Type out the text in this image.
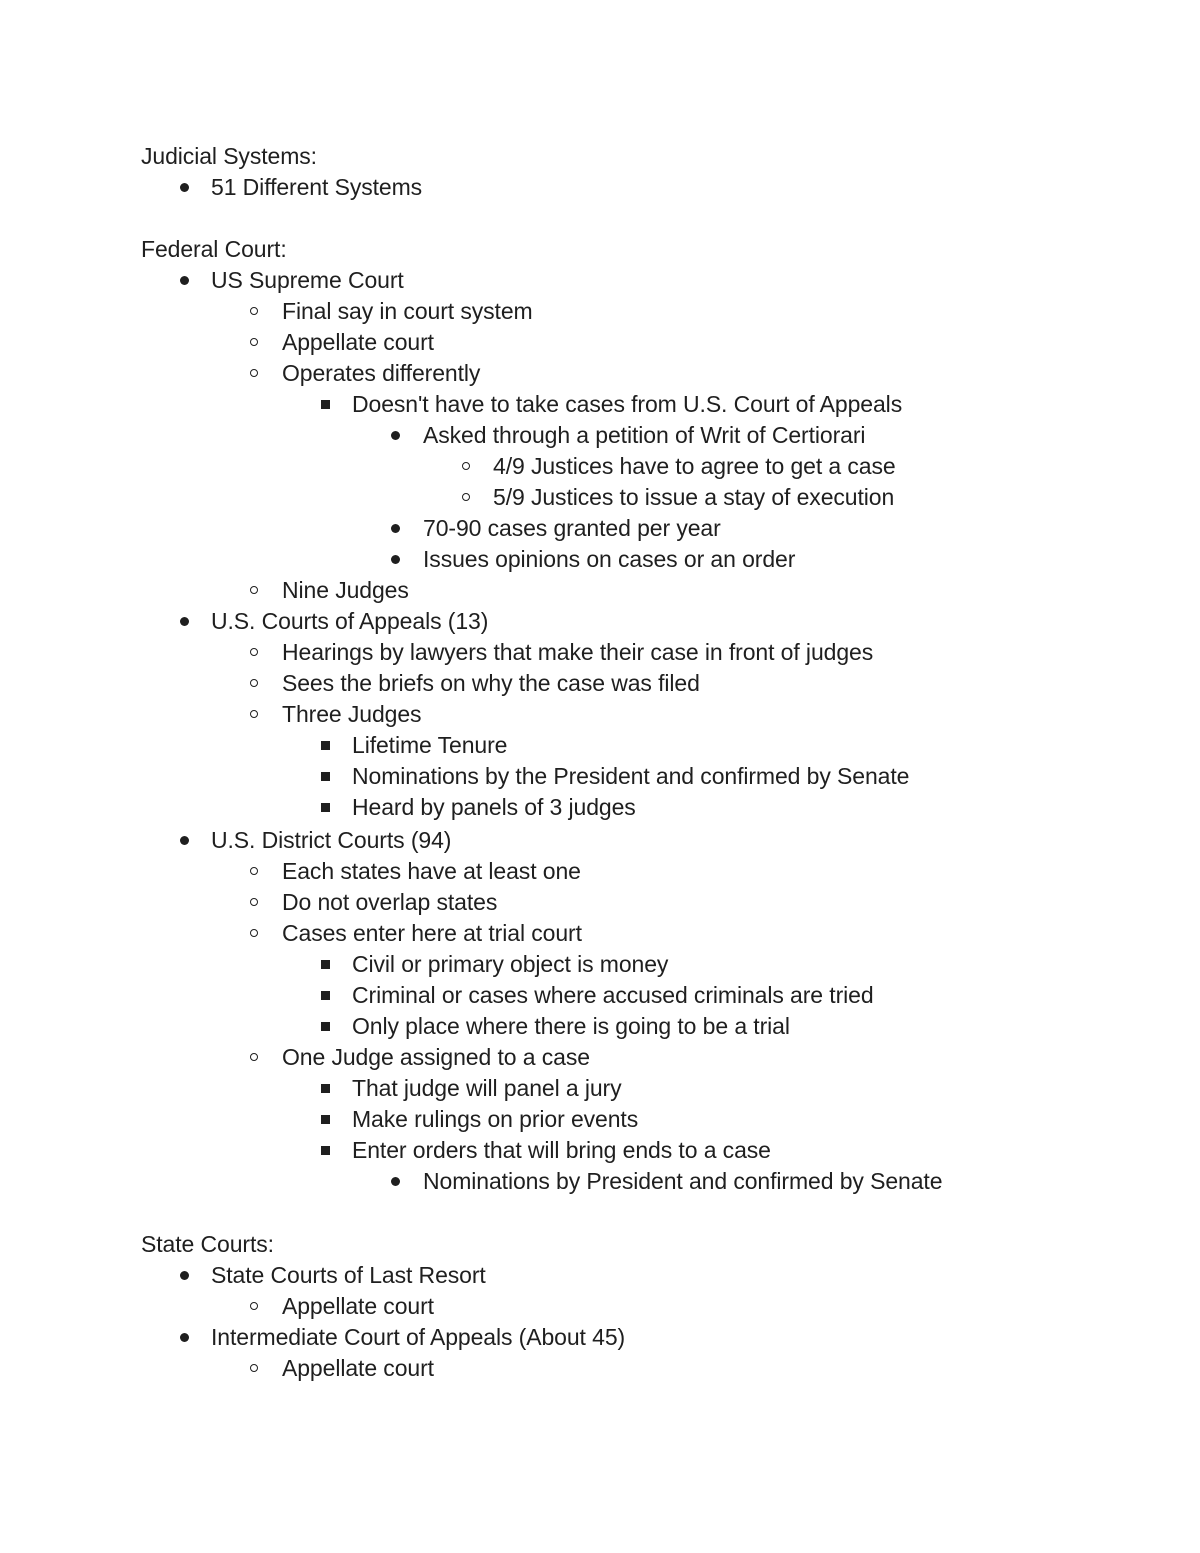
Judicial Systems:
51 Different Systems
Federal Court:
US Supreme Court
Final say in court system
Appellate court
Operates differently
Doesn't have to take cases from U.S. Court of Appeals
Asked through a petition of Writ of Certiorari
4/9 Justices have to agree to get a case
5/9 Justices to issue a stay of execution
70-90 cases granted per year
Issues opinions on cases or an order
Nine Judges
U.S. Courts of Appeals (13)
Hearings by lawyers that make their case in front of judges
Sees the briefs on why the case was filed
Three Judges
Lifetime Tenure
Nominations by the President and confirmed by Senate
Heard by panels of 3 judges
U.S. District Courts (94)
Each states have at least one
Do not overlap states
Cases enter here at trial court
Civil or primary object is money
Criminal or cases where accused criminals are tried
Only place where there is going to be a trial
One Judge assigned to a case
That judge will panel a jury
Make rulings on prior events
Enter orders that will bring ends to a case
Nominations by President and confirmed by Senate
State Courts:
State Courts of Last Resort
Appellate court
Intermediate Court of Appeals (About 45)
Appellate court
